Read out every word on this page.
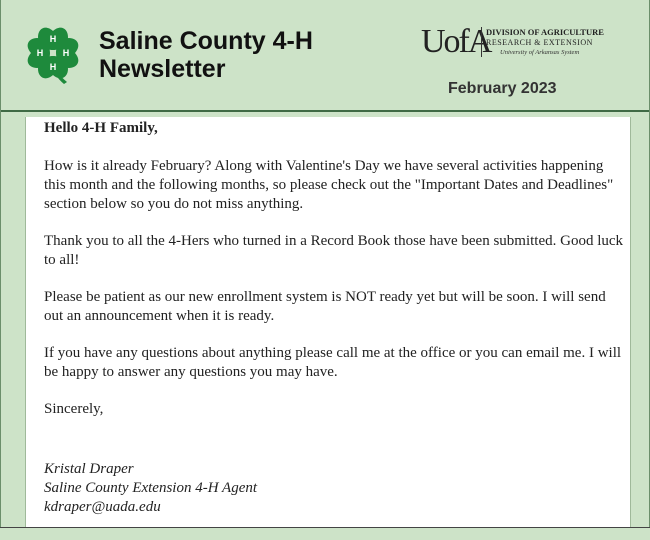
H
H
H
H Saline County 4-H
Newsletter
UofA
DIVISION OF AGRICULTURE
RESEARCH & EXTENSION
University of Arkansas System
February 2023

Hello 4-H Family,

How is it already February? Along with Valentine's Day we have several activities happening this month and the following months, so please check out the "Important Dates and Deadlines" section below so you do not miss anything.

Thank you to all the 4-Hers who turned in a Record Book those have been submitted. Good luck to all!

Please be patient as our new enrollment system is NOT ready yet but will be soon. I will send out an announcement when it is ready.

If you have any questions about anything please call me at the office or you can email me. I will be happy to answer any questions you may have.

Sincerely,

Kristal Draper
Saline County Extension 4-H Agent
kdraper@uada.edu
